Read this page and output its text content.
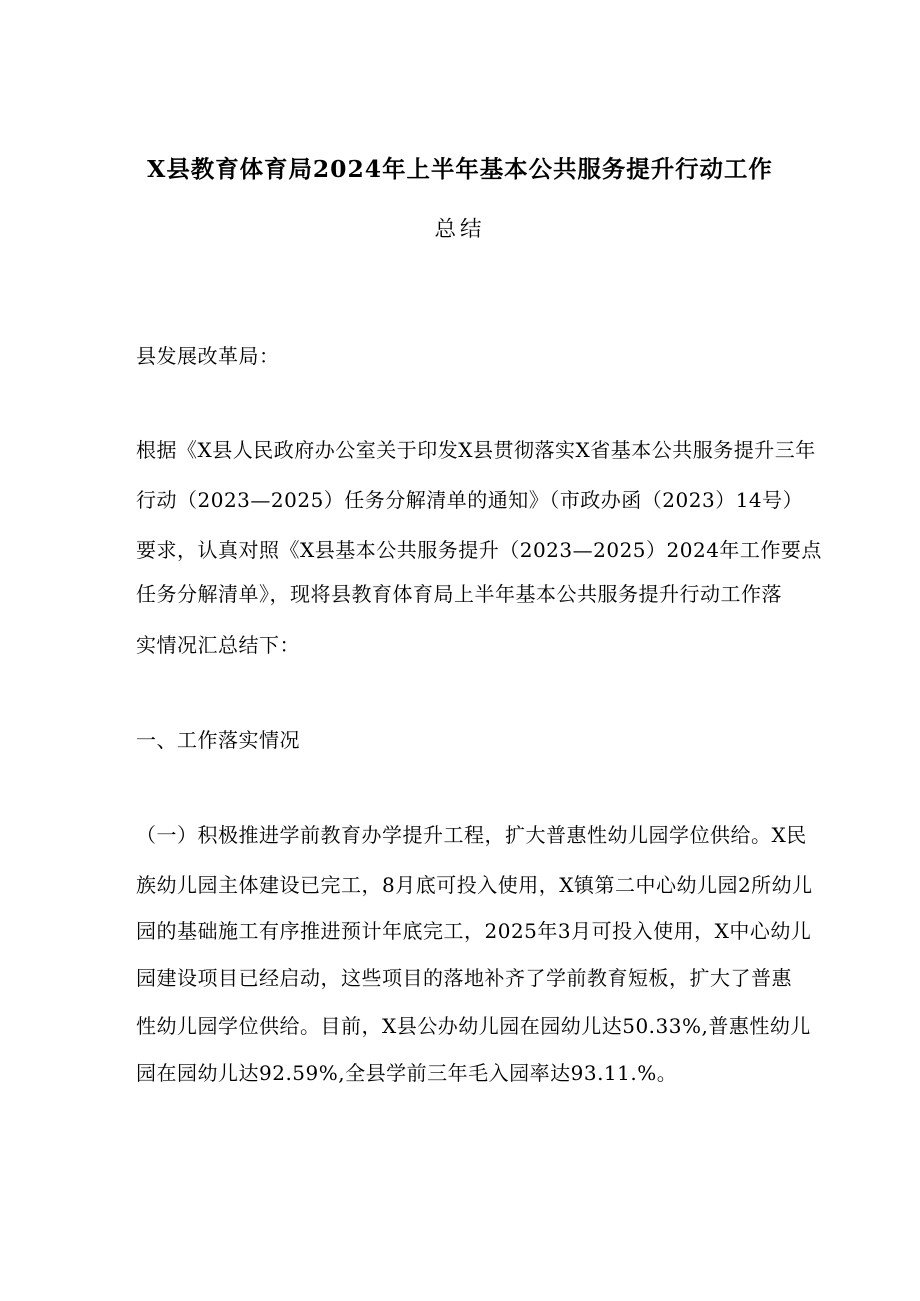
X县教育体育局2024年上半年基本公共服务提升行动工作
总结
县发展改革局：
根据《X县人民政府办公室关于印发X县贯彻落实X省基本公共服务提升三年
行动（2023—2025）任务分解清单的通知》（市政办函（2023）14号）
要求，认真对照《X县基本公共服务提升（2023—2025）2024年工作要点
任务分解清单》，现将县教育体育局上半年基本公共服务提升行动工作落
实情况汇总结下：
一、工作落实情况
（一）积极推进学前教育办学提升工程，扩大普惠性幼儿园学位供给。X民
族幼儿园主体建设已完工，8月底可投入使用，X镇第二中心幼儿园2所幼儿
园的基础施工有序推进预计年底完工，2025年3月可投入使用，X中心幼儿
园建设项目已经启动，这些项目的落地补齐了学前教育短板，扩大了普惠
性幼儿园学位供给。目前，X县公办幼儿园在园幼儿达50.33%,普惠性幼儿
园在园幼儿达92.59%,全县学前三年毛入园率达93.11.%。
